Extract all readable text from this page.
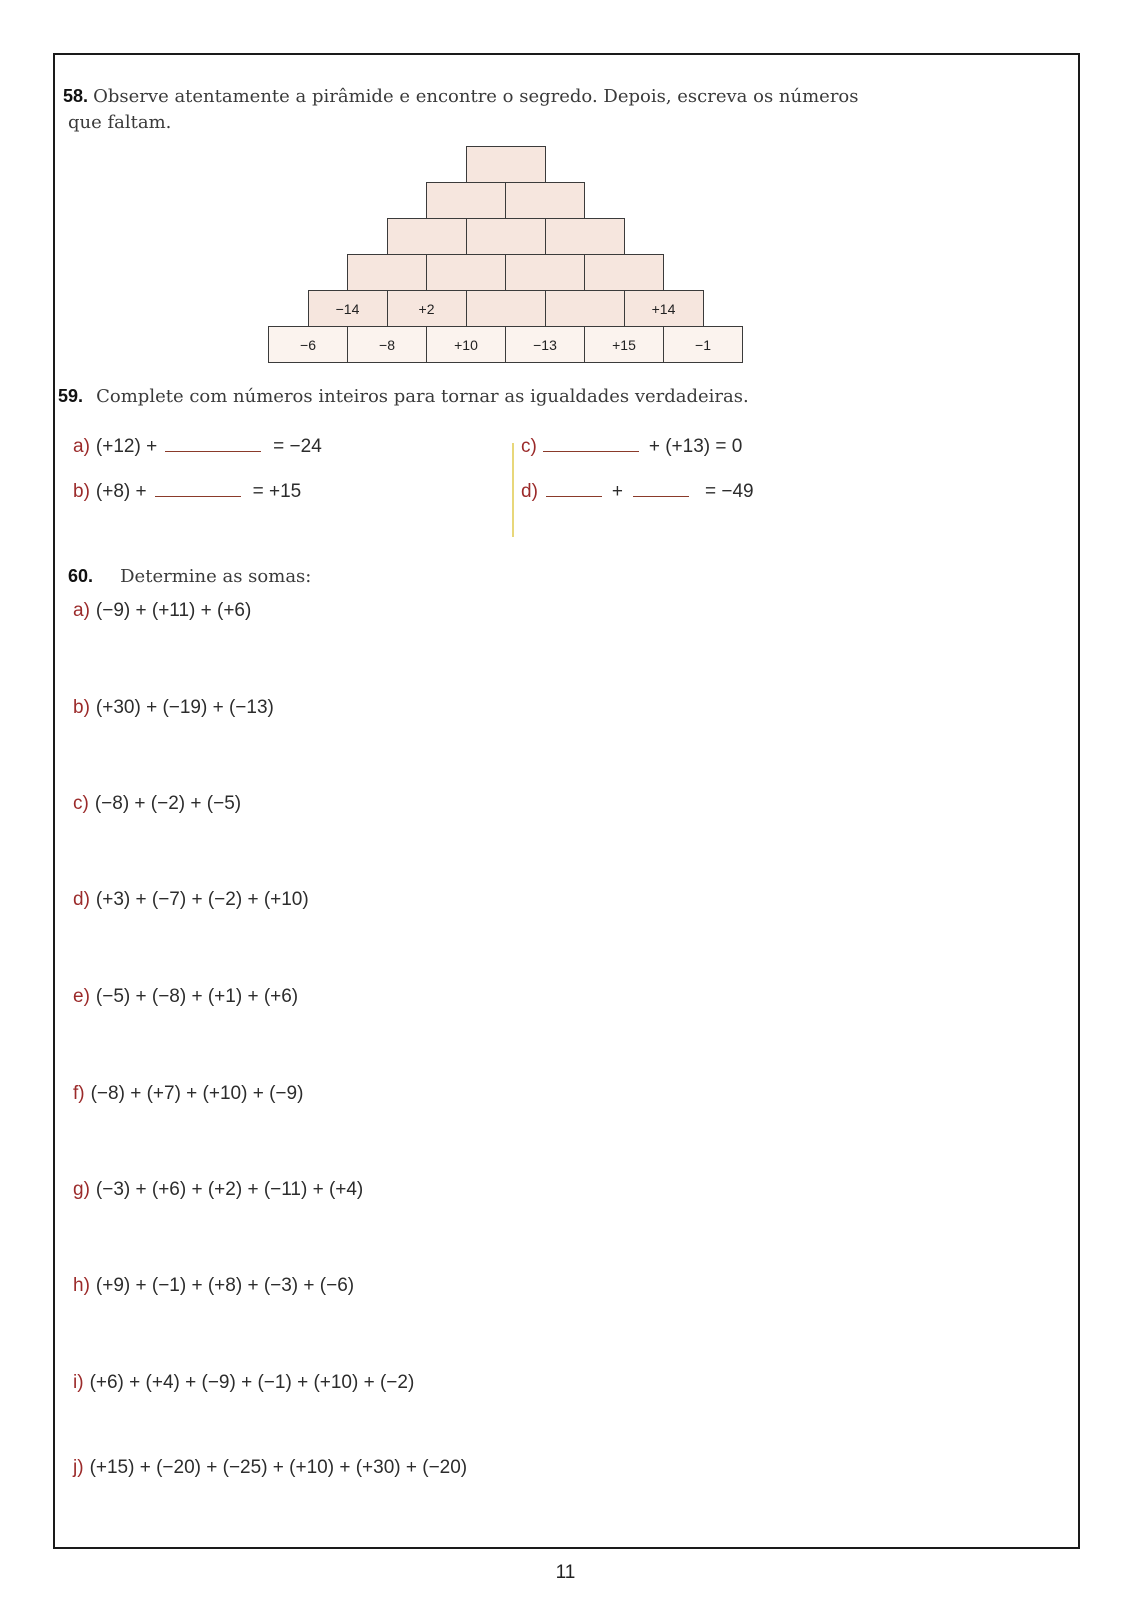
58. Observe atentamente a pirâmide e encontre o segredo. Depois, escreva os números
que faltam.
−6	−8	+10	−13	+15	−1
−14	+2	+14
59. Complete com números inteiros para tornar as igualdades verdadeiras.
a) (+12) +	= −24
b) (+8) +	= +15
c)	+ (+13) = 0
d)	+	= −49
60. Determine as somas:
a) (−9) + (+11) + (+6)
b) (+30) + (−19) + (−13)
c) (−8) + (−2) + (−5)
d) (+3) + (−7) + (−2) + (+10)
e) (−5) + (−8) + (+1) + (+6)
f) (−8) + (+7) + (+10) + (−9)
g) (−3) + (+6) + (+2) + (−11) + (+4)
h) (+9) + (−1) + (+8) + (−3) + (−6)
i) (+6) + (+4) + (−9) + (−1) + (+10) + (−2)
j) (+15) + (−20) + (−25) + (+10) + (+30) + (−20)
11
